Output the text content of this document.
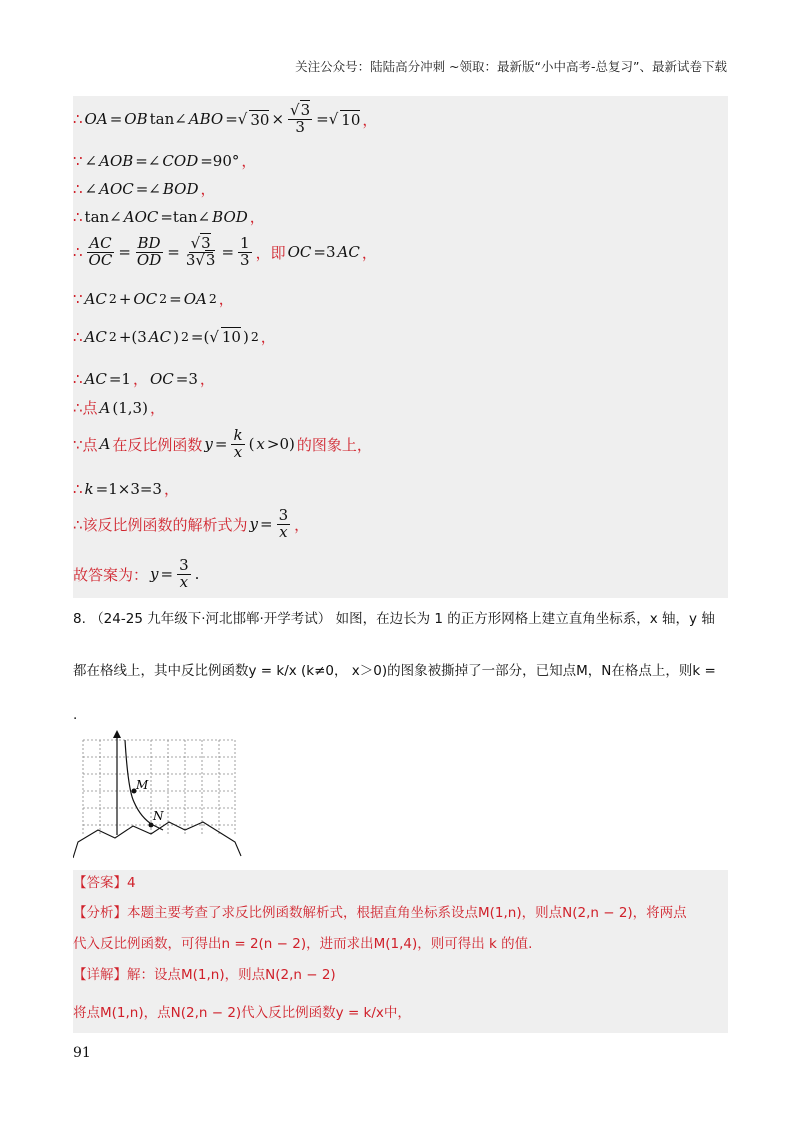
关注公众号：陆陆高分冲刺 ~领取：最新版“小中高考-总复习”、最新试卷下载
∴ OA = OB tan∠ ABO =√ $30 \times \frac{√3}{3}$ =√ 10 ，
∵ ∠ AOB =∠ COD =90° ，
∴ ∠ AOC =∠ BOD ，
∴ tan∠ AOC =tan∠ BOD ，
∴ $\frac{AC}{OC} = \frac{BD}{OD} = \frac{√3}{3√3} = \frac{1}{3}$ ，即 OC =3 AC ，
∵ AC 2 + OC 2 = OA 2 ，
∴ AC 2 +(3 AC ) 2 =(√ 10 ) 2 ，
∴ AC =1 ， OC =3 ，
∴点 A (1,3) ，
∵点 A 在反比例函数 $y = \frac{k}{x}$ ( x >0) 的图象上，
∴ k =1×3=3 ，
∴该反比例函数的解析式为 $y = \frac{3}{x}$ ，
故答案为： $y = \frac{3}{x}$ .
8. （24-25 九年级下·河北邯郸·开学考试） 如图，在边长为 1 的正方形网格上建立直角坐标系，x 轴，y 轴
都在格线上，其中反比例函数y = k/x (k≠0， x＞0)的图象被撕掉了一部分，已知点M，N在格点上，则k =
.
M
N
【答案】4
【分析】本题主要考查了求反比例函数解析式，根据直角坐标系设点M(1,n)，则点N(2,n − 2)，将两点
代入反比例函数，可得出n = 2(n − 2)，进而求出M(1,4)，则可得出 k 的值.
【详解】解：设点M(1,n)，则点N(2,n − 2)
将点M(1,n)，点N(2,n − 2)代入反比例函数y = k/x中，
91
